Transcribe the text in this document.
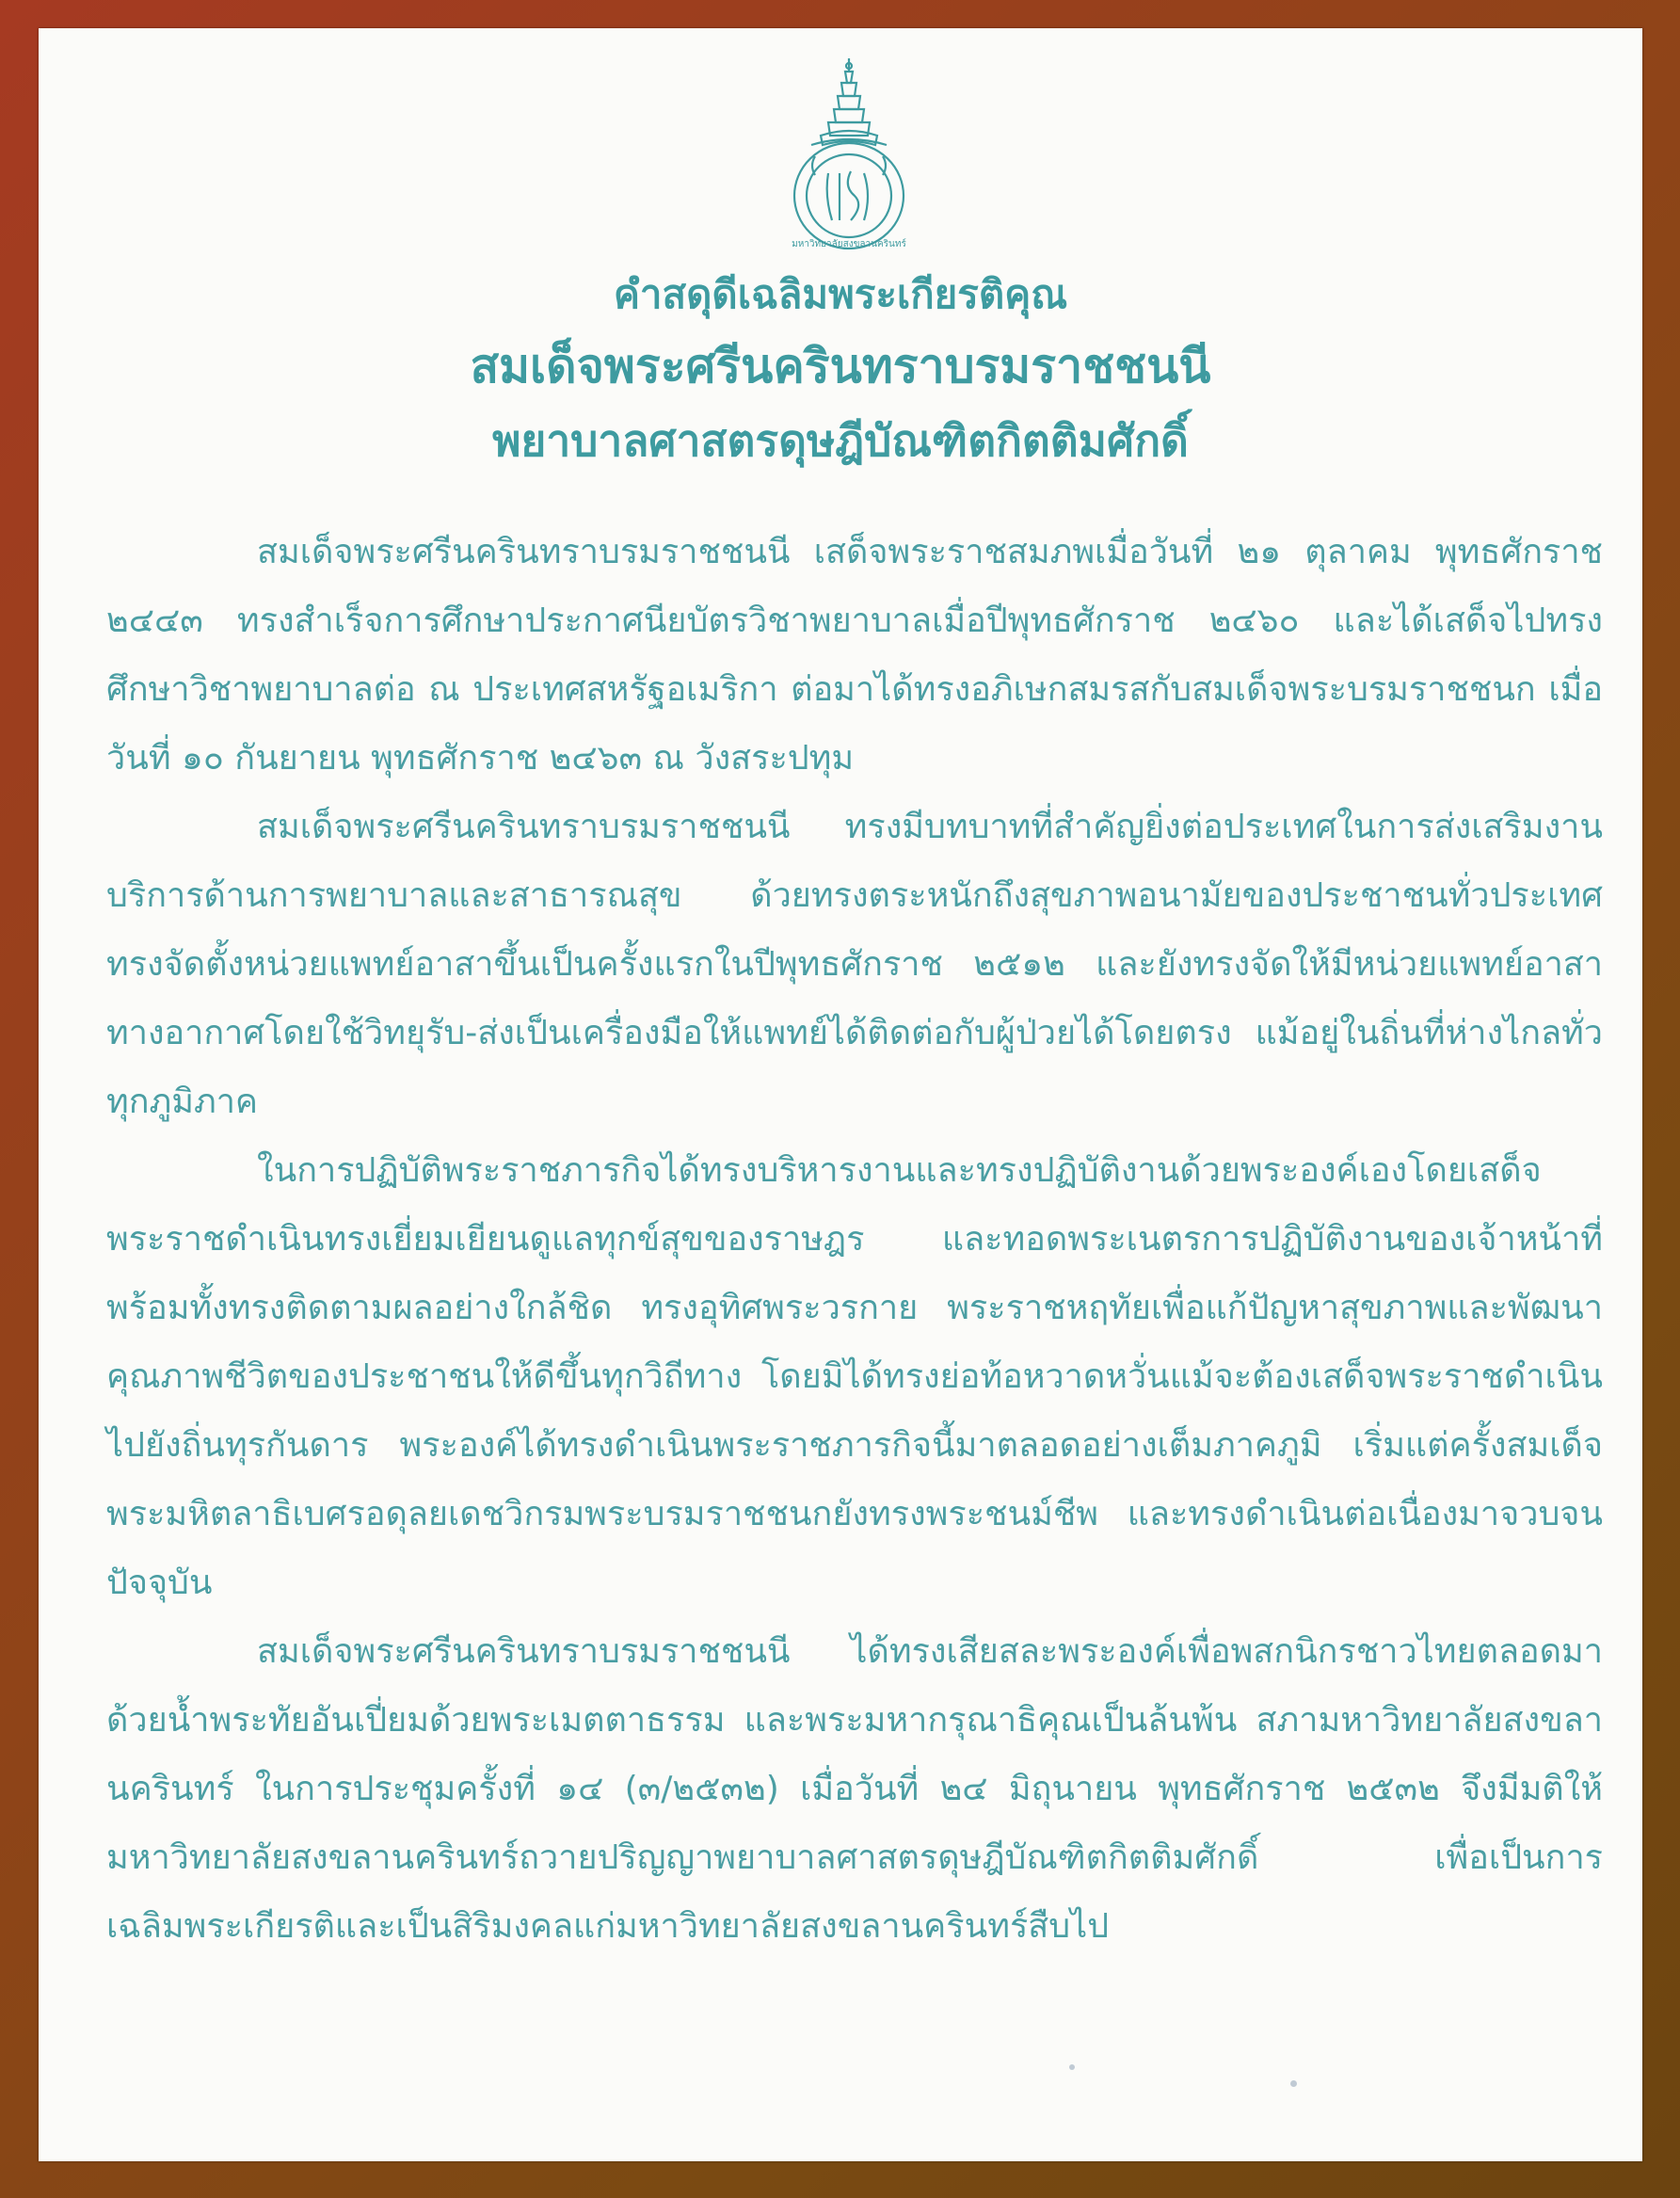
มหาวิทยาลัยสงขลานครินทร์
คำสดุดีเฉลิมพระเกียรติคุณ
สมเด็จพระศรีนครินทราบรมราชชนนี
พยาบาลศาสตรดุษฎีบัณฑิตกิตติมศักดิ์

สมเด็จพระศรีนครินทราบรมราชชนนี เสด็จพระราชสมภพเมื่อวันที่ ๒๑ ตุลาคม พุทธศักราช ๒๔๔๓ ทรงสำเร็จการศึกษาประกาศนียบัตรวิชาพยาบาลเมื่อปีพุทธศักราช ๒๔๖๐ และได้เสด็จไปทรงศึกษาวิชาพยาบาลต่อ ณ ประเทศสหรัฐอเมริกา ต่อมาได้ทรงอภิเษกสมรสกับสมเด็จพระบรมราชชนก เมื่อวันที่ ๑๐ กันยายน พุทธศักราช ๒๔๖๓ ณ วังสระปทุม

สมเด็จพระศรีนครินทราบรมราชชนนี ทรงมีบทบาทที่สำคัญยิ่งต่อประเทศในการส่งเสริมงานบริการด้านการพยาบาลและสาธารณสุข ด้วยทรงตระหนักถึงสุขภาพอนามัยของประชาชนทั่วประเทศ ทรงจัดตั้งหน่วยแพทย์อาสาขึ้นเป็นครั้งแรกในปีพุทธศักราช ๒๕๑๒ และยังทรงจัดให้มีหน่วยแพทย์อาสาทางอากาศโดยใช้วิทยุรับ-ส่งเป็นเครื่องมือให้แพทย์ได้ติดต่อกับผู้ป่วยได้โดยตรง แม้อยู่ในถิ่นที่ห่างไกลทั่วทุกภูมิภาค

ในการปฏิบัติพระราชภารกิจได้ทรงบริหารงานและทรงปฏิบัติงานด้วยพระองค์เองโดยเสด็จพระราชดำเนินทรงเยี่ยมเยียนดูแลทุกข์สุขของราษฎร และทอดพระเนตรการปฏิบัติงานของเจ้าหน้าที่พร้อมทั้งทรงติดตามผลอย่างใกล้ชิด ทรงอุทิศพระวรกาย พระราชหฤทัยเพื่อแก้ปัญหาสุขภาพและพัฒนาคุณภาพชีวิตของประชาชนให้ดีขึ้นทุกวิถีทาง โดยมิได้ทรงย่อท้อหวาดหวั่นแม้จะต้องเสด็จพระราชดำเนินไปยังถิ่นทุรกันดาร พระองค์ได้ทรงดำเนินพระราชภารกิจนี้มาตลอดอย่างเต็มภาคภูมิ เริ่มแต่ครั้งสมเด็จพระมหิตลาธิเบศรอดุลยเดชวิกรมพระบรมราชชนกยังทรงพระชนม์ชีพ และทรงดำเนินต่อเนื่องมาจวบจนปัจจุบัน

สมเด็จพระศรีนครินทราบรมราชชนนี ได้ทรงเสียสละพระองค์เพื่อพสกนิกรชาวไทยตลอดมา ด้วยน้ำพระทัยอันเปี่ยมด้วยพระเมตตาธรรม และพระมหากรุณาธิคุณเป็นล้นพ้น สภามหาวิทยาลัยสงขลานครินทร์ ในการประชุมครั้งที่ ๑๔ (๓/๒๕๓๒) เมื่อวันที่ ๒๔ มิถุนายน พุทธศักราช ๒๕๓๒ จึงมีมติให้มหาวิทยาลัยสงขลานครินทร์ถวายปริญญาพยาบาลศาสตรดุษฎีบัณฑิตกิตติมศักดิ์ เพื่อเป็นการเฉลิมพระเกียรติและเป็นสิริมงคลแก่มหาวิทยาลัยสงขลานครินทร์สืบไป
